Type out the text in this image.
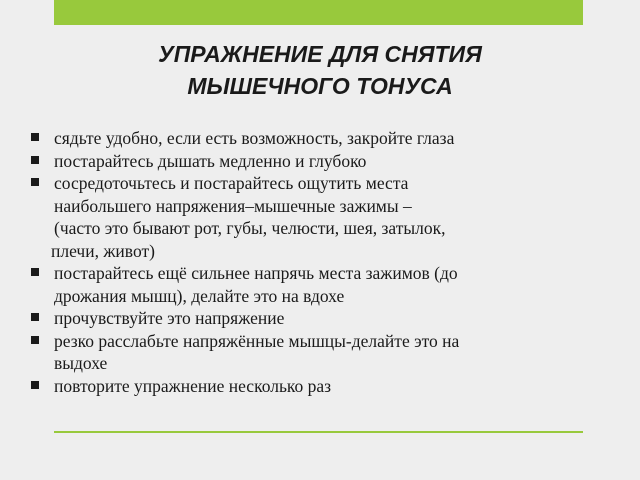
УПРАЖНЕНИЕ ДЛЯ СНЯТИЯ
МЫШЕЧНОГО ТОНУСА
сядьте удобно, если есть возможность, закройте глаза
постарайтесь дышать медленно и глубоко
сосредоточьтесь и постарайтесь ощутить места
наибольшего напряжения–мышечные зажимы –
(часто это бывают рот, губы, челюсти, шея, затылок,
плечи, живот)
постарайтесь ещё сильнее напрячь места зажимов (до
дрожания мышц), делайте это на вдохе
прочувствуйте это напряжение
резко расслабьте напряжённые мышцы-делайте это на
выдохе
повторите упражнение несколько раз
